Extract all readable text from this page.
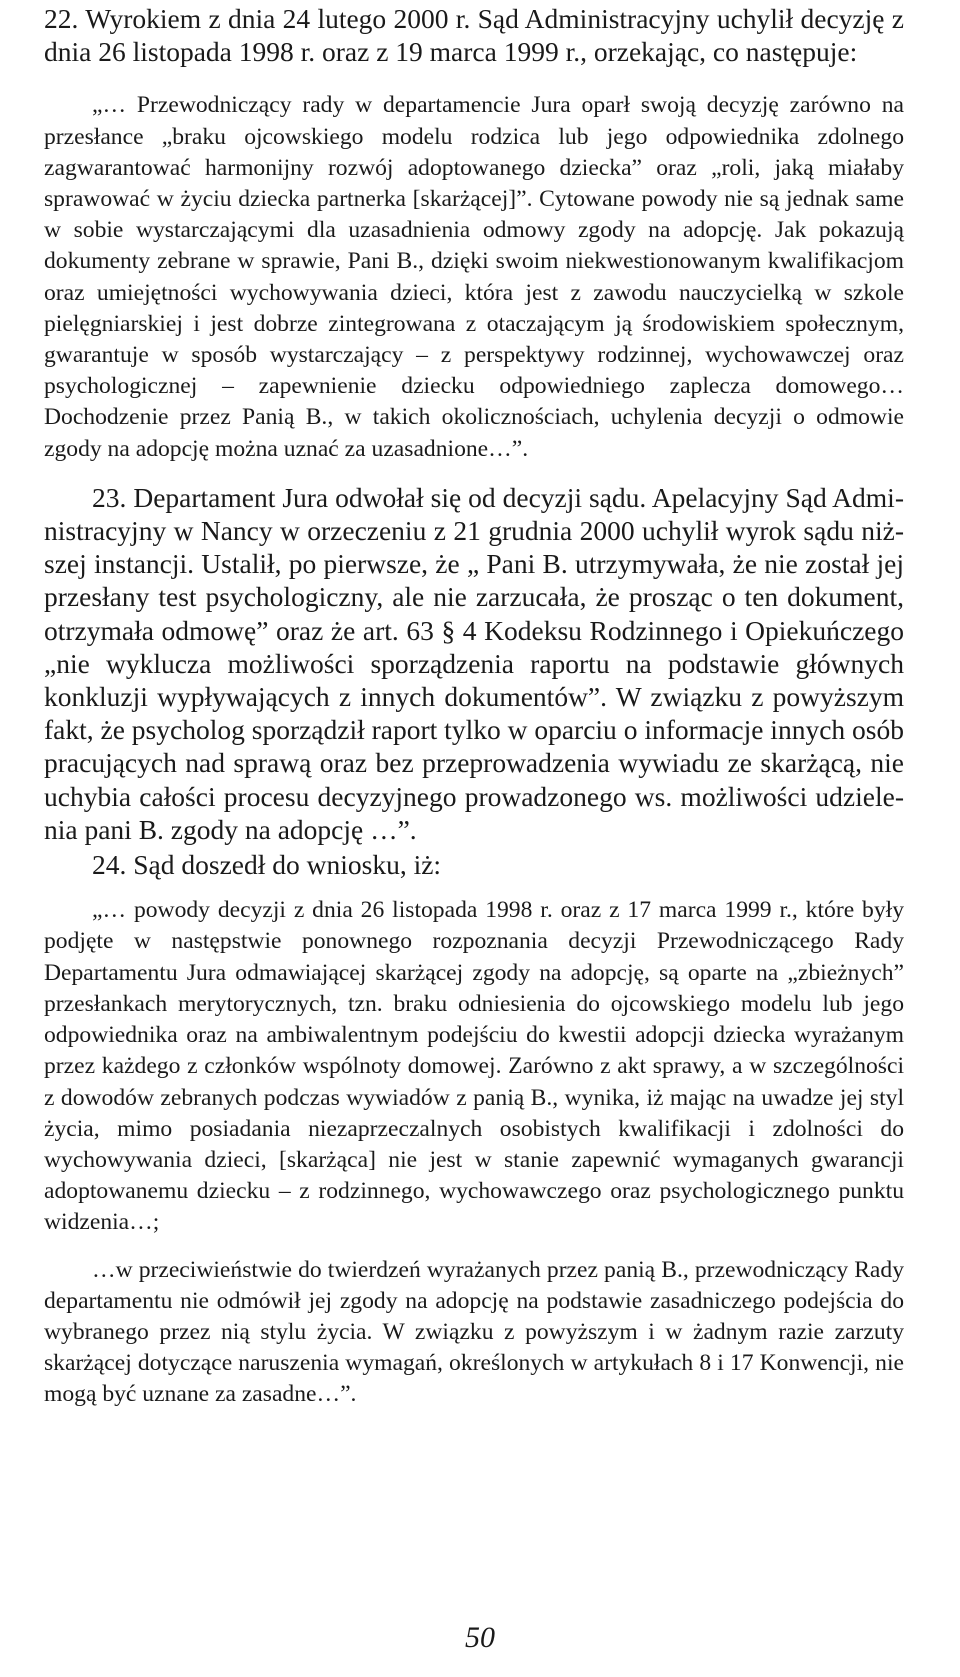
22. Wyrokiem z dnia 24 lutego 2000 r. Sąd Administracyjny uchylił decyzję z dnia 26 listopada 1998 r. oraz z 19 marca 1999 r., orzekając, co następuje:

„… Przewodniczący rady w departamencie Jura oparł swoją decyzję zarówno na przesłance „braku ojcowskiego modelu rodzica lub jego odpowiednika zdolnego zagwarantować harmonijny rozwój adoptowanego dziecka” oraz „roli, jaką miałaby sprawować w życiu dziecka partnerka [skarżącej]”. Cytowane powody nie są jednak same w sobie wystarczającymi dla uzasadnienia odmowy zgody na adopcję. Jak pokazują dokumenty zebrane w sprawie, Pani B., dzięki swoim niekwestionowanym kwalifikacjom oraz umiejętności wychowywania dzieci, która jest z zawodu nauczycielką w szkole pielęgniarskiej i jest dobrze zintegrowana z otaczającym ją środowiskiem społecznym, gwarantuje w sposób wystarczający – z perspektywy rodzinnej, wychowawczej oraz psychologicznej – zapewnienie dziecku odpowiedniego zaplecza domowego… Dochodzenie przez Panią B., w takich okolicznościach, uchylenia decyzji o odmowie zgody na adopcję można uznać za uzasadnione…”.

23. Departament Jura odwołał się od decyzji sądu. Apelacyjny Sąd Administracyjny w Nancy w orzeczeniu z 21 grudnia 2000 uchylił wyrok sądu niższej instancji. Ustalił, po pierwsze, że „ Pani B. utrzymywała, że nie został jej przesłany test psychologiczny, ale nie zarzucała, że prosząc o ten dokument, otrzymała odmowę” oraz że art. 63 § 4 Kodeksu Rodzinnego i Opiekuńczego „nie wyklucza możliwości sporządzenia raportu na podstawie głównych konkluzji wypływających z innych dokumentów”. W związku z powyższym fakt, że psycholog sporządził raport tylko w oparciu o informacje innych osób pracujących nad sprawą oraz bez przeprowadzenia wywiadu ze skarżącą, nie uchybia całości procesu decyzyjnego prowadzonego ws. możliwości udzielenia pani B. zgody na adopcję …”.

24. Sąd doszedł do wniosku, iż:

„… powody decyzji z dnia 26 listopada 1998 r. oraz z 17 marca 1999 r., które były podjęte w następstwie ponownego rozpoznania decyzji Przewodniczącego Rady Departamentu Jura odmawiającej skarżącej zgody na adopcję, są oparte na „zbieżnych” przesłankach merytorycznych, tzn. braku odniesienia do ojcowskiego modelu lub jego odpowiednika oraz na ambiwalentnym podejściu do kwestii adopcji dziecka wyrażanym przez każdego z członków wspólnoty domowej. Zarówno z akt sprawy, a w szczególności z dowodów zebranych podczas wywiadów z panią B., wynika, iż mając na uwadze jej styl życia, mimo posiadania niezaprzeczalnych osobistych kwalifikacji i zdolności do wychowywania dzieci, [skarżąca] nie jest w stanie zapewnić wymaganych gwarancji adoptowanemu dziecku – z rodzinnego, wychowawczego oraz psychologicznego punktu widzenia…;

…w przeciwieństwie do twierdzeń wyrażanych przez panią B., przewodniczący Rady departamentu nie odmówił jej zgody na adopcję na podstawie zasadniczego podejścia do wybranego przez nią stylu życia. W związku z powyższym i w żadnym razie zarzuty skarżącej dotyczące naruszenia wymagań, określonych w artykułach 8 i 17 Konwencji, nie mogą być uznane za zasadne…”.

50
